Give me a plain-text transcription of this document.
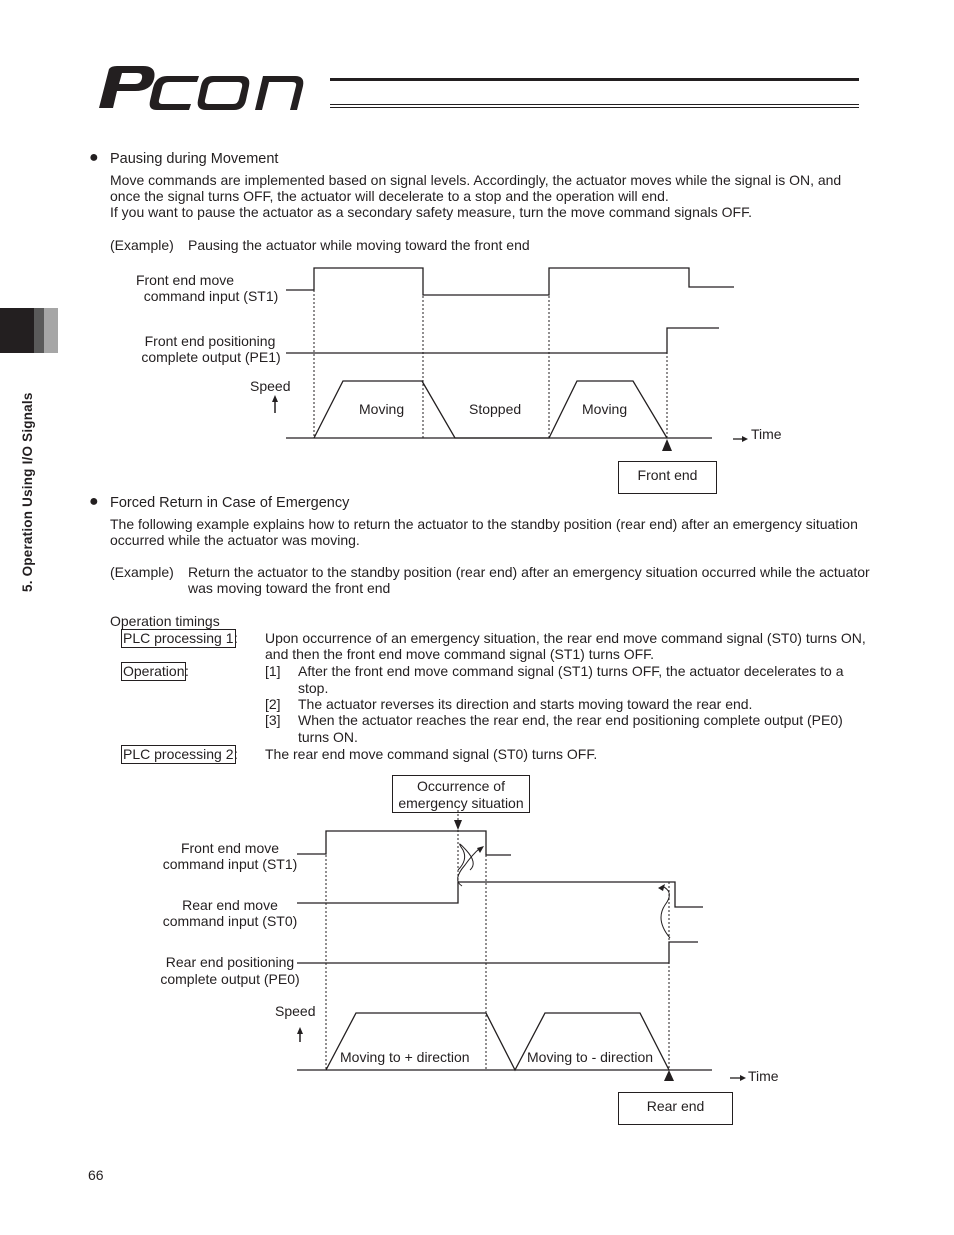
5. Operation Using I/O Signals
● Pausing during Movement
Move commands are implemented based on signal levels. Accordingly, the actuator moves while the signal is ON, and
once the signal turns OFF, the actuator will decelerate to a stop and the operation will end.
If you want to pause the actuator as a secondary safety measure, turn the move command signals OFF.
(Example) Pausing the actuator while moving toward the front end
Front end move
command input (ST1)
Front end positioning
complete output (PE1)
Speed
Moving	Stopped	Moving
Time
Front end
● Forced Return in Case of Emergency
The following example explains how to return the actuator to the standby position (rear end) after an emergency situation
occurred while the actuator was moving.
(Example) Return the actuator to the standby position (rear end) after an emergency situation occurred while the actuator
was moving toward the front end
Operation timings
PLC processing 1 : Upon occurrence of an emergency situation, the rear end move command signal (ST0) turns ON,
and then the front end move command signal (ST1) turns OFF.
Operation :	[1] After the front end move command signal (ST1) turns OFF, the actuator decelerates to a
stop.
[2] The actuator reverses its direction and starts moving toward the rear end.
[3] When the actuator reaches the rear end, the rear end positioning complete output (PE0)
turns ON.
PLC processing 2 : The rear end move command signal (ST0) turns OFF.
Occurrence of
emergency situation
Front end move
command input (ST1)
Rear end move
command input (ST0)
Rear end positioning
complete output (PE0)
Speed
Moving to + direction	Moving to - direction
Time
Rear end
66
